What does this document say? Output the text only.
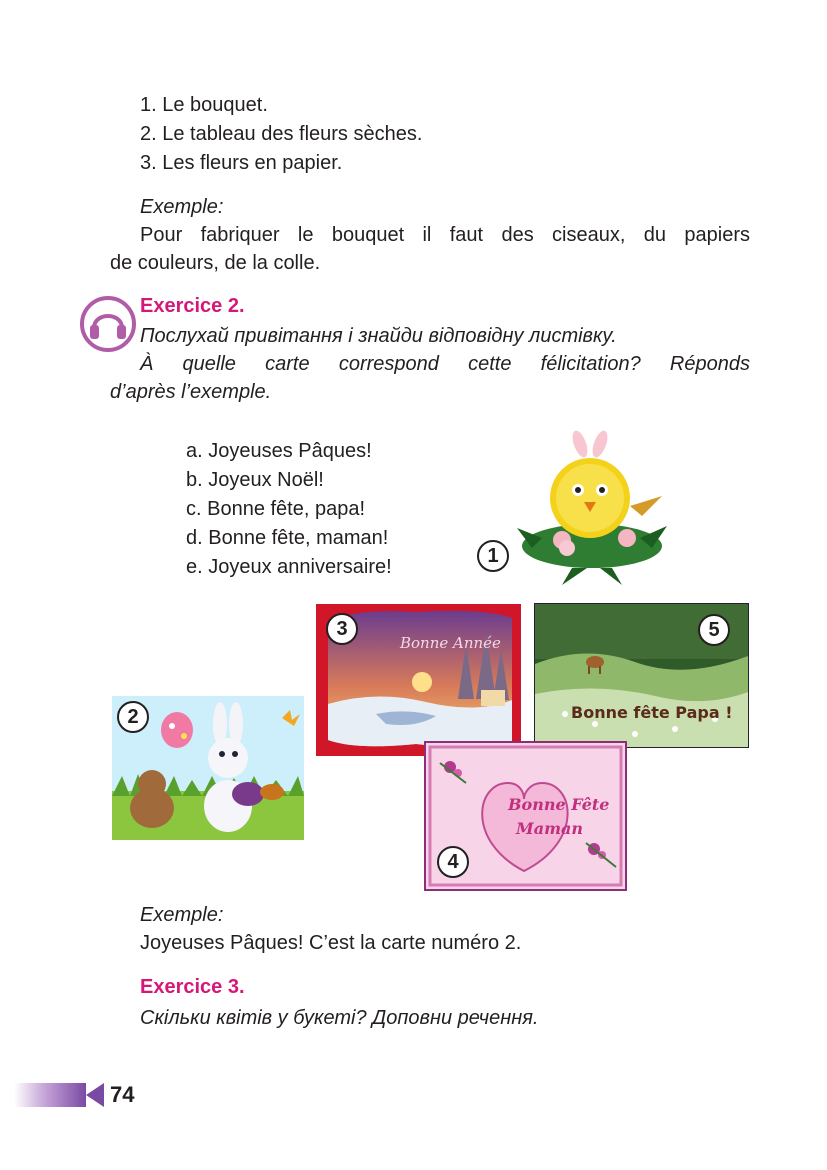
1. Le bouquet.
2. Le tableau des fleurs sèches.
3. Les fleurs en papier.
Exemple:
Pour fabriquer le bouquet il faut des ciseaux, du papiers
de couleurs, de la colle.
Exercice 2.
Послухай привітання і знайди відповідну листівку.
À quelle carte correspond cette félicitation? Réponds
d’après l’exemple.
a. Joyeuses Pâques!
b. Joyeux Noël!
c. Bonne fête, papa!
d. Bonne fête, maman!
e. Joyeux anniversaire!	1
Bonne Année
3
Bonne fête Papa !
5
2
Bonne Fête
Maman
4
Exemple:
Joyeuses Pâques! C’est la carte numéro 2.
Exercice 3.
Скільки квітів у букеті? Доповни речення.
74
